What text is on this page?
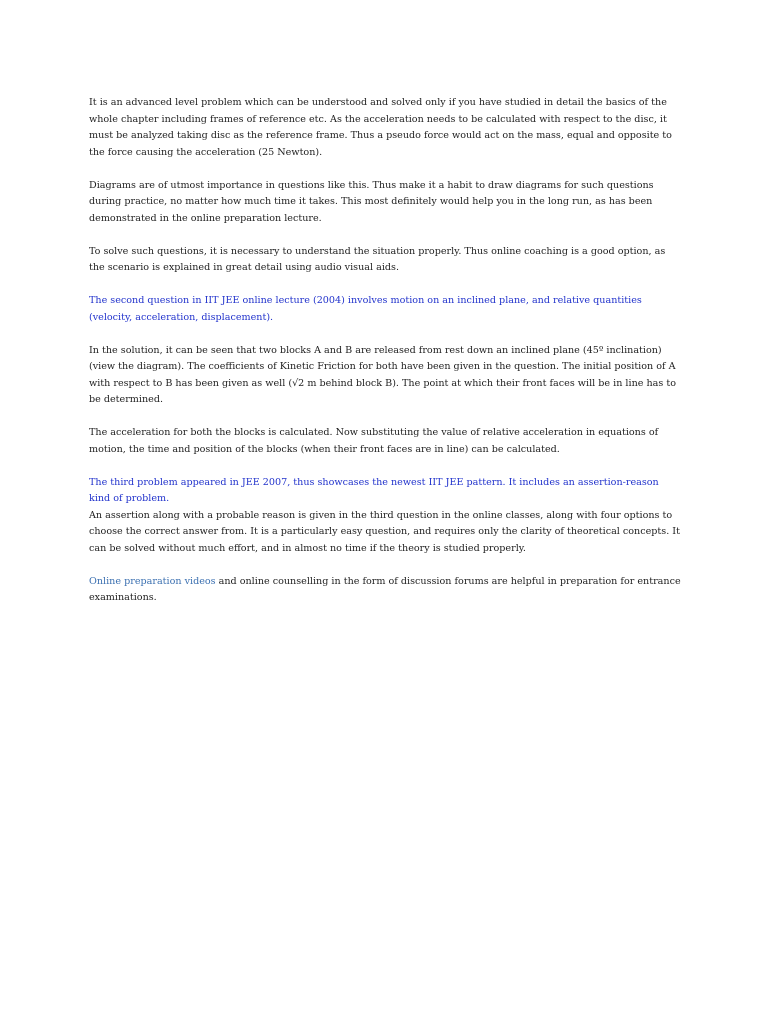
It is an advanced level problem which can be understood and solved only if you have studied in detail the basics of the whole chapter including frames of reference etc. As the acceleration needs to be calculated with respect to the disc, it must be analyzed taking disc as the reference frame. Thus a pseudo force would act on the mass, equal and opposite to the force causing the acceleration (25 Newton).

Diagrams are of utmost importance in questions like this. Thus make it a habit to draw diagrams for such questions during practice, no matter how much time it takes. This most definitely would help you in the long run, as has been demonstrated in the online preparation lecture.

To solve such questions, it is necessary to understand the situation properly. Thus online coaching is a good option, as the scenario is explained in great detail using audio visual aids.

The second question in IIT JEE online lecture (2004) involves motion on an inclined plane, and relative quantities (velocity, acceleration, displacement).

In the solution, it can be seen that two blocks A and B are released from rest down an inclined plane (45º inclination) (view the diagram). The coefficients of Kinetic Friction for both have been given in the question. The initial position of A with respect to B has been given as well (√2 m behind block B). The point at which their front faces will be in line has to be determined.

The acceleration for both the blocks is calculated. Now substituting the value of relative acceleration in equations of motion, the time and position of the blocks (when their front faces are in line) can be calculated.

The third problem appeared in JEE 2007, thus showcases the newest IIT JEE pattern. It includes an assertion-reason kind of problem.

An assertion along with a probable reason is given in the third question in the online classes, along with four options to choose the correct answer from. It is a particularly easy question, and requires only the clarity of theoretical concepts. It can be solved without much effort, and in almost no time if the theory is studied properly.

Online preparation videos and online counselling in the form of discussion forums are helpful in preparation for entrance examinations.
